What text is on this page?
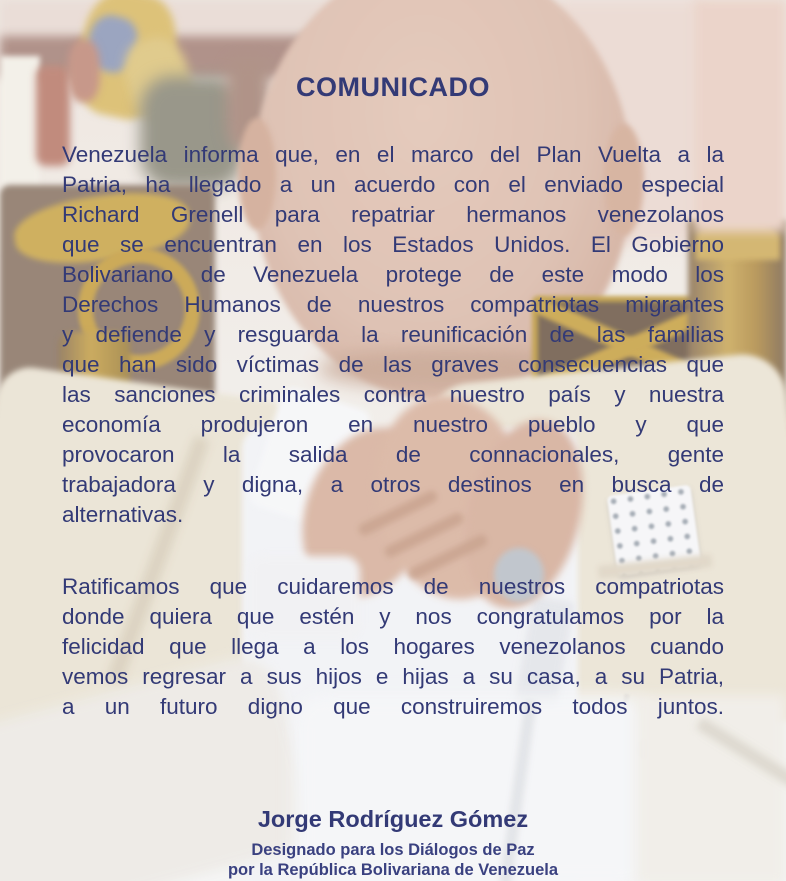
COMUNICADO
Venezuela informa que, en el marco del Plan Vuelta a la
Patria, ha llegado a un acuerdo con el enviado especial
Richard Grenell para repatriar hermanos venezolanos
que se encuentran en los Estados Unidos. El Gobierno
Bolivariano de Venezuela protege de este modo los
Derechos Humanos de nuestros compatriotas migrantes
y defiende y resguarda la reunificación de las familias
que han sido víctimas de las graves consecuencias que
las sanciones criminales contra nuestro país y nuestra
economía produjeron en nuestro pueblo y que
provocaron la salida de connacionales, gente
trabajadora y digna, a otros destinos en busca de
alternativas.
Ratificamos que cuidaremos de nuestros compatriotas
donde quiera que estén y nos congratulamos por la
felicidad que llega a los hogares venezolanos cuando
vemos regresar a sus hijos e hijas a su casa, a su Patria,
a un futuro digno que construiremos todos juntos.
Jorge Rodríguez Gómez
Designado para los Diálogos de Paz
por la República Bolivariana de Venezuela
